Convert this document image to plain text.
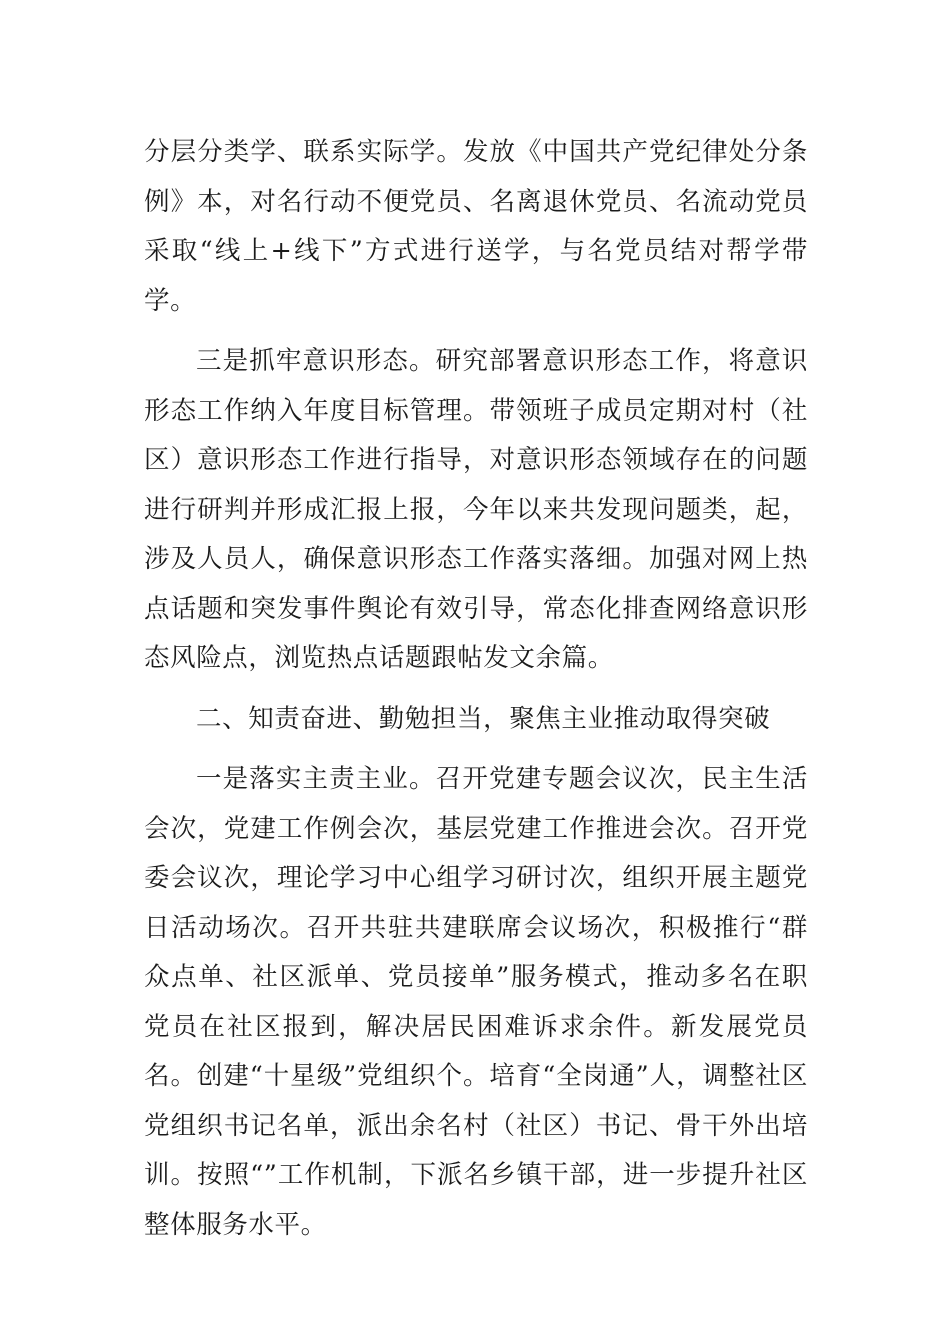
分层分类学、联系实际学。发放《中国共产党纪律处分条例》本，对名行动不便党员、名离退休党员、名流动党员采取“线上+线下”方式进行送学，与名党员结对帮学带学。

三是抓牢意识形态。研究部署意识形态工作，将意识形态工作纳入年度目标管理。带领班子成员定期对村（社区）意识形态工作进行指导，对意识形态领域存在的问题进行研判并形成汇报上报，今年以来共发现问题类，起，涉及人员人，确保意识形态工作落实落细。加强对网上热点话题和突发事件舆论有效引导，常态化排查网络意识形态风险点，浏览热点话题跟帖发文余篇。

二、知责奋进、勤勉担当，聚焦主业推动取得突破

一是落实主责主业。召开党建专题会议次，民主生活会次，党建工作例会次，基层党建工作推进会次。召开党委会议次，理论学习中心组学习研讨次，组织开展主题党日活动场次。召开共驻共建联席会议场次，积极推行“群众点单、社区派单、党员接单”服务模式，推动多名在职党员在社区报到，解决居民困难诉求余件。新发展党员名。创建“十星级”党组织个。培育“全岗通”人，调整社区党组织书记名单，派出余名村（社区）书记、骨干外出培训。按照“”工作机制，下派名乡镇干部，进一步提升社区整体服务水平。
